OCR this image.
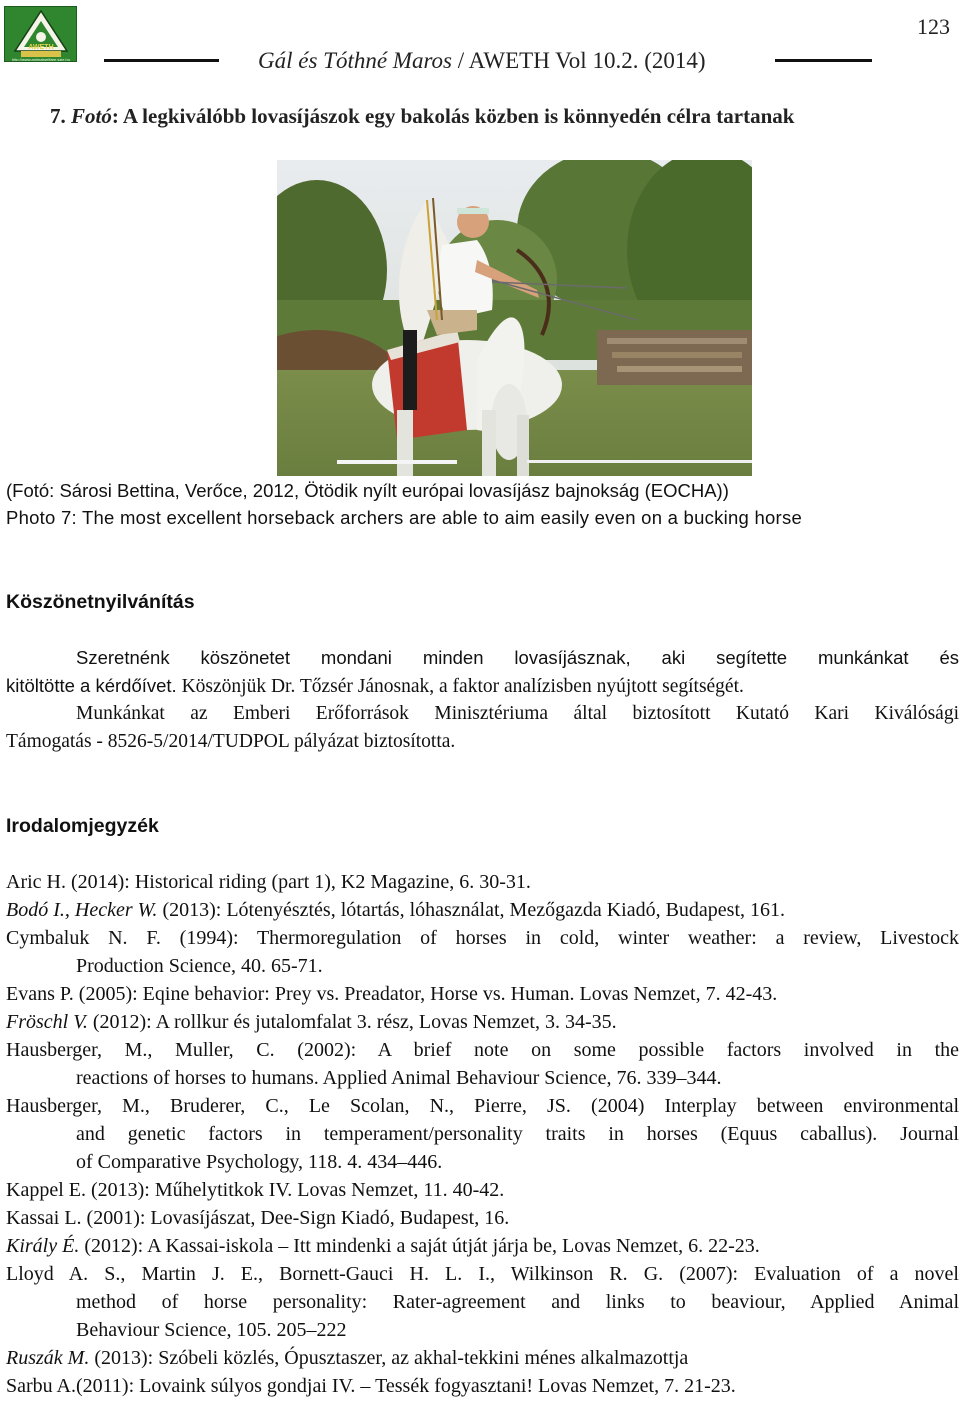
AWETH
http://www.animalwelfare.szie.hu	Gál és Tóthné Maros / AWETH Vol 10.2. (2014)
123
7. Fotó: A legkiválóbb lovasíjászok egy bakolás közben is könnyedén célra tartanak
(Fotó: Sárosi Bettina, Verőce, 2012, Ötödik nyílt európai lovasíjász bajnokság (EOCHA))
Photo 7: The most excellent horseback archers are able to aim easily even on a bucking horse
Köszönetnyilvánítás
Szeretnénk köszönetet mondani minden lovasíjásznak, aki segítette munkánkat és
kitöltötte a kérdőívet. Köszönjük Dr. Tőzsér Jánosnak, a faktor analízisben nyújtott segítségét.
Munkánkat az Emberi Erőforrások Minisztériuma által biztosított Kutató Kari Kiválósági
Támogatás - 8526-5/2014/TUDPOL pályázat biztosította.
Irodalomjegyzék
Aric H. (2014): Historical riding (part 1), K2 Magazine, 6. 30-31.
Bodó I., Hecker W. (2013): Lótenyésztés, lótartás, lóhasználat, Mezőgazda Kiadó, Budapest, 161.
Cymbaluk N. F. (1994): Thermoregulation of horses in cold, winter weather: a review, Livestock
Production Science, 40. 65-71.
Evans P. (2005): Eqine behavior: Prey vs. Preadator, Horse vs. Human. Lovas Nemzet, 7. 42-43.
Fröschl V. (2012): A rollkur és jutalomfalat 3. rész, Lovas Nemzet, 3. 34-35.
Hausberger, M., Muller, C. (2002): A brief note on some possible factors involved in the
reactions of horses to humans. Applied Animal Behaviour Science, 76. 339–344.
Hausberger, M., Bruderer, C., Le Scolan, N., Pierre, JS. (2004) Interplay between environmental
and genetic factors in temperament/personality traits in horses (Equus caballus). Journal
of Comparative Psychology, 118. 4. 434–446.
Kappel E. (2013): Műhelytitkok IV. Lovas Nemzet, 11. 40-42.
Kassai L. (2001): Lovasíjászat, Dee-Sign Kiadó, Budapest, 16.
Király É. (2012): A Kassai-iskola – Itt mindenki a saját útját járja be, Lovas Nemzet, 6. 22-23.
Lloyd A. S., Martin J. E., Bornett-Gauci H. L. I., Wilkinson R. G. (2007): Evaluation of a novel
method of horse personality: Rater-agreement and links to beaviour, Applied Animal
Behaviour Science, 105. 205–222
Ruszák M. (2013): Szóbeli közlés, Ópusztaszer, az akhal-tekkini ménes alkalmazottja
Sarbu A.(2011): Lovaink súlyos gondjai IV. – Tessék fogyasztani! Lovas Nemzet, 7. 21-23.
